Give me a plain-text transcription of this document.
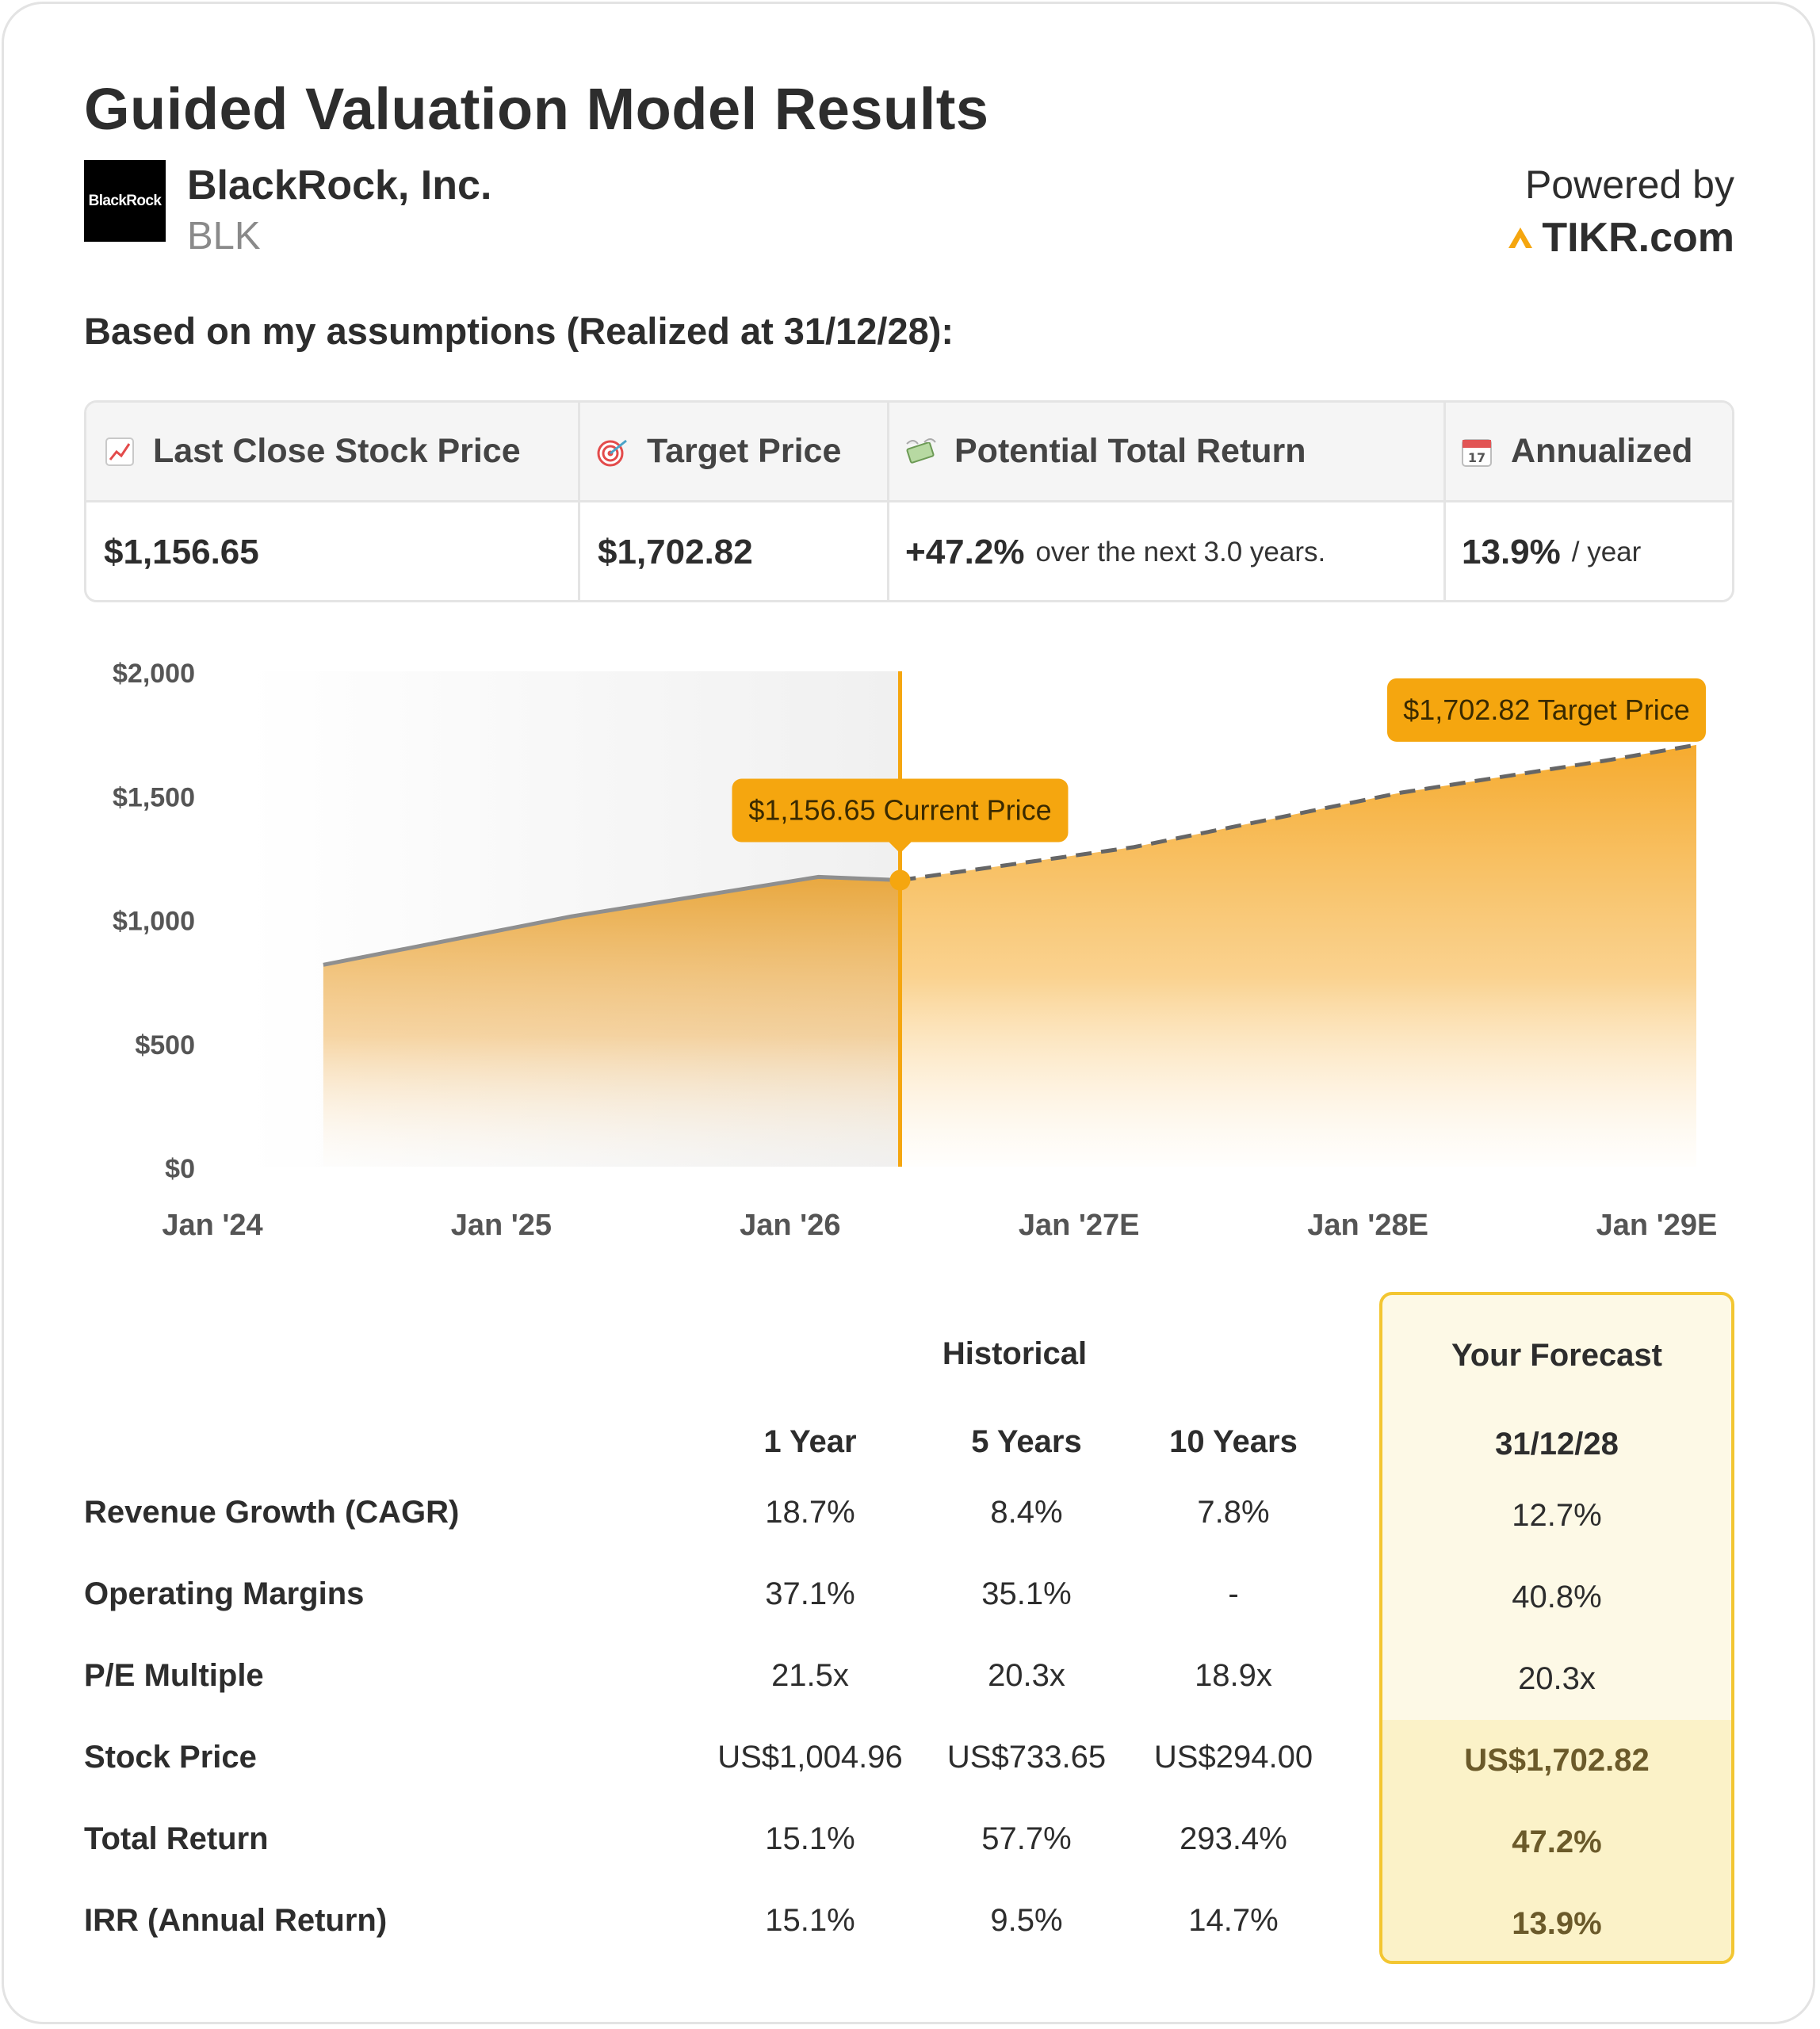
Guided Valuation Model Results
BlackRock BlackRock, Inc.
BLK
Powered by
TIKR.com
Based on my assumptions (Realized at 31/12/28):
Last Close Stock Price	Target Price	Potential Total Return	17 Annualized
$1,156.65	$1,702.82	+47.2% over the next 3.0 years.	13.9% / year
$2,000
$1,500
$1,000
$500
$0
Jan '24	Jan '25	Jan '26	Jan '27E	Jan '28E	Jan '29E
$1,156.65 Current Price
$1,702.82 Target Price
Historical	Your Forecast
1 Year	5 Years	10 Years	31/12/28
Revenue Growth (CAGR)	18.7%	8.4%	7.8%	12.7%
Operating Margins	37.1%	35.1%	-	40.8%
P/E Multiple	21.5x	20.3x	18.9x	20.3x
Stock Price	US$1,004.96	US$733.65	US$294.00	US$1,702.82
Total Return	15.1%	57.7%	293.4%	47.2%
IRR (Annual Return)	15.1%	9.5%	14.7%	13.9%
